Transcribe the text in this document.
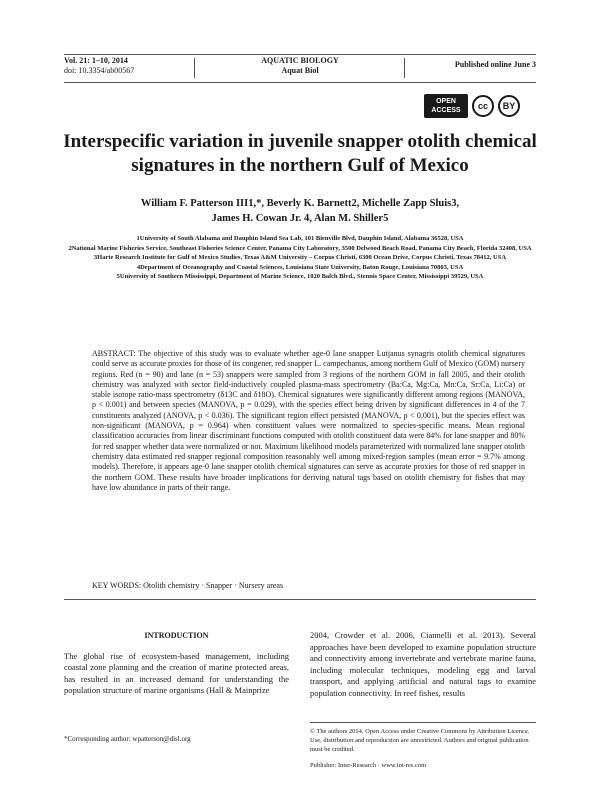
Vol. 21: 1–10, 2014
doi: 10.3354/ab00567
AQUATIC BIOLOGY
Aquat Biol
Published online June 3
OPEN
ACCESS	cc	BY
Interspecific variation in juvenile snapper otolith chemical signatures in the northern Gulf of Mexico
William F. Patterson III1,*, Beverly K. Barnett2, Michelle Zapp Sluis3,
James H. Cowan Jr. 4, Alan M. Shiller5
1University of South Alabama and Dauphin Island Sea Lab, 101 Bienville Blvd, Dauphin Island, Alabama 36528, USA
2National Marine Fisheries Service, Southeast Fisheries Science Center, Panama City Laboratory, 3500 Delwood Beach Road, Panama City Beach, Florida 32408, USA
3Harte Research Institute for Gulf of Mexico Studies, Texas A&M University – Corpus Christi, 6300 Ocean Drive, Corpus Christi, Texas 78412, USA
4Department of Oceanography and Coastal Sciences, Louisiana State University, Baton Rouge, Louisiana 70803, USA
5University of Southern Mississippi, Department of Marine Science, 1020 Balch Blvd., Stennis Space Center, Mississippi 39529, USA
ABSTRACT: The objective of this study was to evaluate whether age-0 lane snapper Lutjanus synagris otolith chemical signatures could serve as accurate proxies for those of its congener, red snapper L. campechanus, among northern Gulf of Mexico (GOM) nursery regions. Red (n = 90) and lane (n = 53) snappers were sampled from 3 regions of the northern GOM in fall 2005, and their otolith chemistry was analyzed with sector field-inductively coupled plasma-mass spectrometry (Ba:Ca, Mg:Ca, Mn:Ca, Sr:Ca, Li:Ca) or stable isotope ratio-mass spectrometry (δ13C and δ18O). Chemical signatures were significantly different among regions (MANOVA, p < 0.001) and between species (MANOVA, p = 0.029), with the species effect being driven by significant differences in 4 of the 7 constituents analyzed (ANOVA, p < 0.036). The significant region effect persisted (MANOVA, p < 0.001), but the species effect was non-significant (MANOVA, p = 0.964) when constituent values were normalized to species-specific means. Mean regional classification accuracies from linear discriminant functions computed with otolith constituent data were 84% for lane snapper and 80% for red snapper whether data were normalized or not. Maximum likelihood models parameterized with normalized lane snapper otolith chemistry data estimated red snapper regional composition reasonably well among mixed-region samples (mean error = 9.7% among models). Therefore, it appears age-0 lane snapper otolith chemical signatures can serve as accurate proxies for those of red snapper in the northern GOM. These results have broader implications for deriving natural tags based on otolith chemistry for fishes that may have low abundance in parts of their range.
KEY WORDS: Otolith chemistry · Snapper · Nursery areas
INTRODUCTION
The global rise of ecosystem-based management, including coastal zone planning and the creation of marine protected areas, has resulted in an increased demand for understanding the population structure of marine organisms (Hall & Mainprize
2004, Crowder et al. 2006, Ciannelli et al. 2013). Several approaches have been developed to examine population structure and connectivity among invertebrate and vertebrate marine fauna, including molecular techniques, modeling egg and larval transport, and applying artificial and natural tags to examine population connectivity. In reef fishes, results
*Corresponding author: wpatterson@disl.org
© The authors 2014. Open Access under Creative Commons by Attribution Licence. Use, distribution and reproduction are unrestricted. Authors and original publication must be credited.
Publisher: Inter-Research · www.int-res.com
